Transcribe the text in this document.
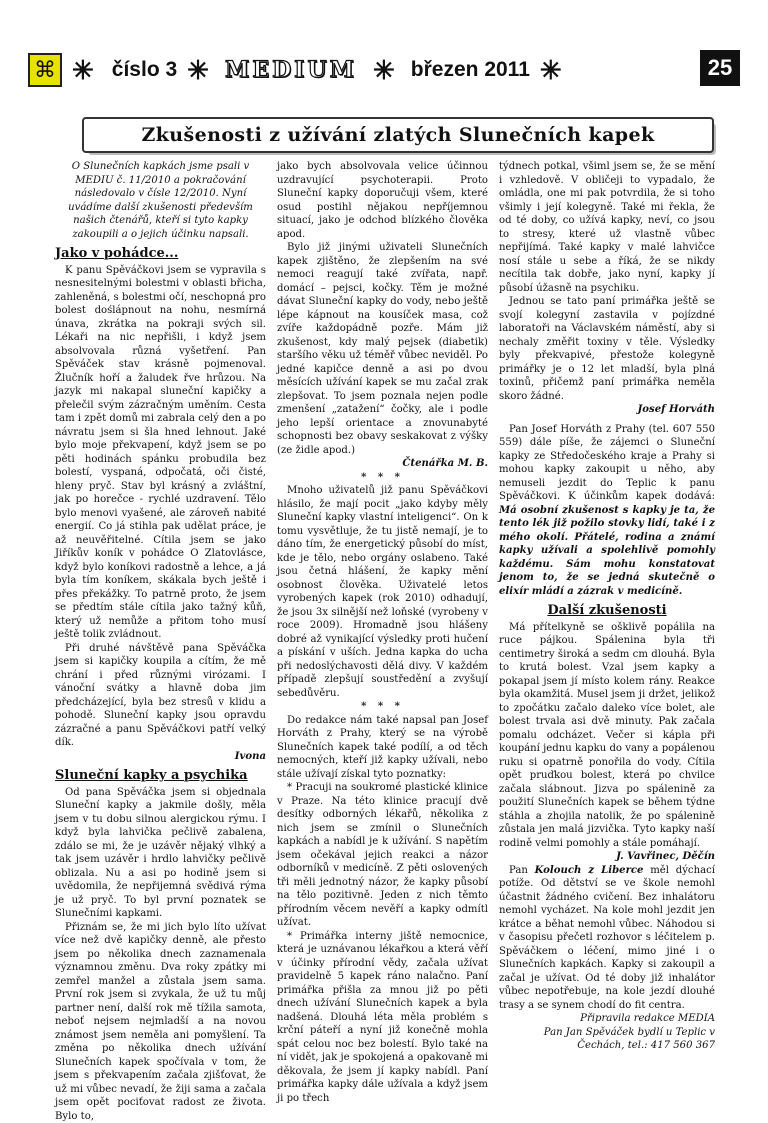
⌘ ✳ číslo 3 ✳ MEDIUM ✳ březen 2011 ✳	25
Zkušenosti z užívání zlatých Slunečních kapek

O Slunečních kapkách jsme psali v MEDIU č. 11/2010 a pokračování následovalo v čísle 12/2010. Nyní uvádíme další zkušenosti především našich čtenářů, kteří si tyto kapky zakoupili a o jejich účinku napsali.

Jako v pohádce...

K panu Spěváčkovi jsem se vypravila s nesnesitelnými bolestmi v oblasti břicha, zahleněná, s bolestmi očí, neschopná pro bolest doślápnout na nohu, nesmírná únava, zkrátka na pokraji svých sil. Lékaři na nic nepřišli, i když jsem absolvovala různá vyšetření. Pan Spěváček stav krásně pojmenoval. Žlučník hoří a žaludek řve hrůzou. Na jazyk mi nakapal sluneční kapičky a přelečil svým zázračným uměním. Cesta tam i zpět domů mi zabrala celý den a po návratu jsem si šla hned lehnout. Jaké bylo moje překvapení, když jsem se po pěti hodinách spánku probudila bez bolestí, vyspaná, odpočatá, oči čisté, hleny pryč. Stav byl krásný a zvláštní, jak po horečce - rychlé uzdravení. Tělo bylo menovi vyašené, ale zároveň nabité energií. Co já stihla pak udělat práce, je až neuvěřitelné. Cítila jsem se jako Jiříkův koník v pohádce O Zlatovlásce, když bylo koníkovi radostně a lehce, a já byla tím koníkem, skákala bych ještě i přes překážky. To patrně proto, že jsem se předtím stále cítila jako tažný kůň, který už nemůže a přitom toho musí ještě tolik zvládnout.

Při druhé návštěvě pana Spěváčka jsem si kapičky koupila a cítím, že mě chrání i před různými virózami. I vánoční svátky a hlavně doba jim předcházející, byla bez stresů v klidu a pohodě. Sluneční kapky jsou opravdu zázračné a panu Spěváčkovi patří velký dík.

Ivona
Sluneční kapky a psychika

Od pana Spěváčka jsem si objednala Sluneční kapky a jakmile došly, měla jsem v tu dobu silnou alergickou rýmu. I když byla lahvička pečlivě zabalena, zdálo se mi, že je uzávěr nějaký vlhký a tak jsem uzávěr i hrdlo lahvičky pečlivě oblizala. Nu a asi po hodině jsem si uvědomila, že nepřijemná svědivá rýma je už pryč. To byl první poznatek se Slunečními kapkami.

Přiznám se, že mi jich bylo líto užívat více než dvě kapičky denně, ale přesto jsem po několika dnech zaznamenala významnou změnu. Dva roky zpátky mi zemřel manžel a zůstala jsem sama. První rok jsem si zvykala, že už tu můj partner není, další rok mě tížila samota, neboť nejsem nejmladší a na novou známost jsem neměla ani pomyšlení. Ta změna po několika dnech užívání Slunečních kapek spočívala v tom, že jsem s překvapením začala zjišťovat, že už mi vůbec nevadí, že žiji sama a začala jsem opět pociťovat radost ze života. Bylo to,

jako bych absolvovala velice účinnou uzdravující psychoterapii. Proto Sluneční kapky doporučuji všem, které osud postihl nějakou nepříjemnou situací, jako je odchod blízkého člověka apod.

Bylo již jinými uživateli Slunečních kapek zjištěno, že zlepšením na své nemoci reagují také zvířata, např. domácí – pejsci, kočky. Těm je možné dávat Sluneční kapky do vody, nebo ještě lépe kápnout na kousíček masa, což zvíře každopádně pozře. Mám již zkušenost, kdy malý pejsek (diabetik) staršího věku už téměř vůbec neviděl. Po jedné kapičce denně a asi po dvou měsících užívání kapek se mu začal zrak zlepšovat. To jsem poznala nejen podle zmenšení „zatažení“ čočky, ale i podle jeho lepší orientace a znovunabyté schopnosti bez obavy seskakovat z výšky (ze židle apod.)

Čtenářka M. B.

* * *

Mnoho uživatelů již panu Spěváčkovi hlásilo, že mají pocit „jako kdyby měly Sluneční kapky vlastní inteligenci“. On k tomu vysvětluje, že tu jistě nemají, je to dáno tím, že energetický působí do míst, kde je tělo, nebo orgány oslabeno. Také jsou četná hlášení, že kapky mění osobnost člověka. Uživatelé letos vyrobených kapek (rok 2010) odhadují, že jsou 3x silnější než loňské (vyrobeny v roce 2009). Hromadně jsou hlášeny dobré až vynikající výsledky proti hučení a pískání v uších. Jedna kapka do ucha při nedoslýchavosti dělá divy. V každém případě zlepšují soustředění a zvyšují sebedůvěru.

* * *

Do redakce nám také napsal pan Josef Horváth z Prahy, který se na výrobě Slunečních kapek také podílí, a od těch nemocných, kteří již kapky užívali, nebo stále užívají získal tyto poznatky:

* Pracuji na soukromé plastické klinice v Praze. Na této klinice pracují dvě desítky odborných lékařů, několika z nich jsem se zmínil o Slunečních kapkách a nabídl je k užívání. S napětím jsem očekával jejich reakci a názor odborníků v medicíně. Z pěti oslovených tři měli jednotný názor, že kapky působí na tělo pozitivně. Jeden z nich těmto přírodním věcem nevěří a kapky odmítl užívat.

* Primářka interny jiště nemocnice, která je uznávanou lékařkou a která věří v účinky přírodní vědy, začala užívat pravidelně 5 kapek ráno nalačno. Paní primářka přišla za mnou již po pěti dnech užívání Slunečních kapek a byla nadšená. Dlouhá léta měla problém s krční páteří a nyní již konečně mohla spát celou noc bez bolestí. Bylo také na ní vidět, jak je spokojená a opakovaně mi děkovala, že jsem jí kapky nabídl. Paní primářka kapky dále užívala a když jsem ji po třech

týdnech potkal, všiml jsem se, že se mění i vzhledově. V obličeji to vypadalo, že omládla, one mi pak potvrdila, že si toho všimly i její kolegyně. Také mi řekla, že od té doby, co užívá kapky, neví, co jsou to stresy, které už vlastně vůbec nepřijímá. Také kapky v malé lahvičce nosí stále u sebe a říká, že se nikdy necítila tak dobře, jako nyní, kapky jí působí úžasně na psychiku.

Jednou se tato paní primářka ještě se svojí kolegyní zastavila v pojízdné laboratoři na Václavském náměstí, aby si nechaly změřit toxiny v těle. Výsledky byly překvapivé, přestože kolegyně primářky je o 12 let mladší, byla plná toxinů, přičemž paní primářka neměla skoro žádné.

Josef Horváth

Pan Josef Horváth z Prahy (tel. 607 550 559) dále píše, že zájemci o Sluneční kapky ze Středočeského kraje a Prahy si mohou kapky zakoupit u něho, aby nemuseli jezdit do Teplic k panu Spěváčkovi. K účinkům kapek dodává: Má osobní zkušenost s kapky je ta, že tento lék již požilo stovky lidí, také i z mého okolí. Přátelé, rodina a známí kapky užívali a spolehlivě pomohly každému. Sám mohu konstatovat jenom to, že se jedná skutečně o elixír mládí a zázrak v medicíně.

Další zkušenosti

Má přítelkyně se ošklivě popálila na ruce pájkou. Spálenina byla tři centimetry široká a sedm cm dlouhá. Byla to krutá bolest. Vzal jsem kapky a pokapal jsem jí místo kolem rány. Reakce byla okamžitá. Musel jsem ji držet, jelikož to zpočátku začalo daleko více bolet, ale bolest trvala asi dvě minuty. Pak začala pomalu odcházet. Večer si kápla při koupání jednu kapku do vany a popálenou ruku si opatrně ponořila do vody. Cítila opět pruďkou bolest, která po chvilce začala slábnout. Jizva po spálenině za použití Slunečních kapek se během týdne stáhla a zhojila natolik, že po spálenině zůstala jen malá jizvička. Tyto kapky naší rodině velmi pomohly a stále pomáhají.

J. Vavřinec, Děčín

Pan Kolouch z Liberce měl dýchací potíže. Od dětství se ve škole nemohl účastnit žádného cvičení. Bez inhalátoru nemohl vycházet. Na kole mohl jezdit jen krátce a běhat nemohl vůbec. Náhodou si v časopisu přečetl rozhovor s léčitelem p. Spěváčkem o léčení, mimo jiné i o Slunečních kapkách. Kapky si zakoupil a začal je užívat. Od té doby již inhalátor vůbec nepotřebuje, na kole jezdí dlouhé trasy a se synem chodí do fit centra.

Připravila redakce MEDIA

Pan Jan Spěváček bydlí u Teplic v Čechách, tel.: 417 560 367
